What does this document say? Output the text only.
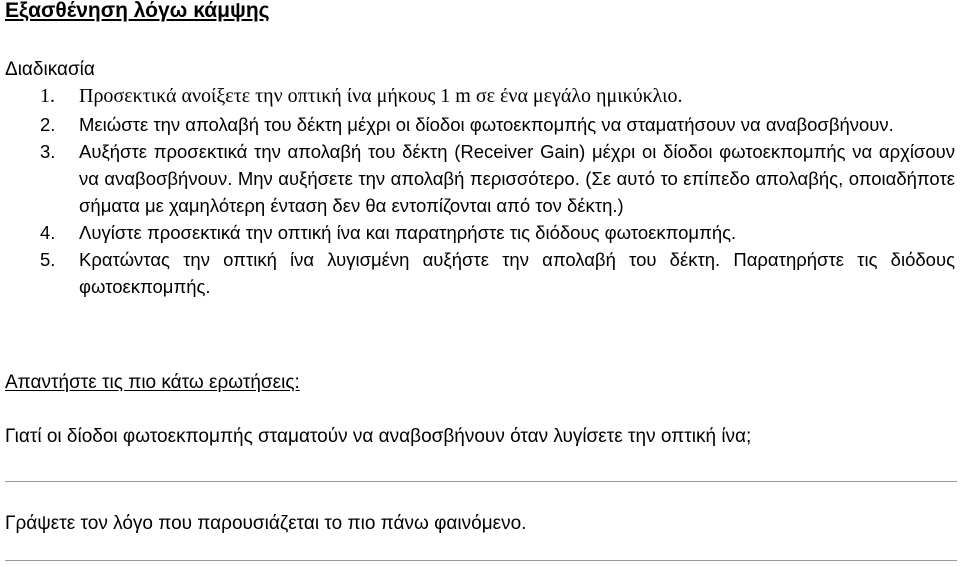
Εξασθένηση λόγω κάμψης
Διαδικασία
1. Προσεκτικά ανοίξετε την οπτική ίνα μήκους 1 m σε ένα μεγάλο ημικύκλιο.
2. Μειώστε την απολαβή του δέκτη μέχρι οι δίοδοι φωτοεκπομπής να σταματήσουν να αναβοσβήνουν.
3. Αυξήστε προσεκτικά την απολαβή του δέκτη (Receiver Gain) μέχρι οι δίοδοι φωτοεκπομπής να αρχίσουν να αναβοσβήνουν. Μην αυξήσετε την απολαβή περισσότερο. (Σε αυτό το επίπεδο απολαβής, οποιαδήποτε σήματα με χαμηλότερη ένταση δεν θα εντοπίζονται από τον δέκτη.)
4. Λυγίστε προσεκτικά την οπτική ίνα και παρατηρήστε τις διόδους φωτοεκπομπής.
5. Κρατώντας την οπτική ίνα λυγισμένη αυξήστε την απολαβή του δέκτη. Παρατηρήστε τις διόδους φωτοεκπομπής.
Απαντήστε τις πιο κάτω ερωτήσεις:

Γιατί οι δίοδοι φωτοεκπομπής σταματούν να αναβοσβήνουν όταν λυγίσετε την οπτική ίνα;

Γράψετε τον λόγο που παρουσιάζεται το πιο πάνω φαινόμενο.
